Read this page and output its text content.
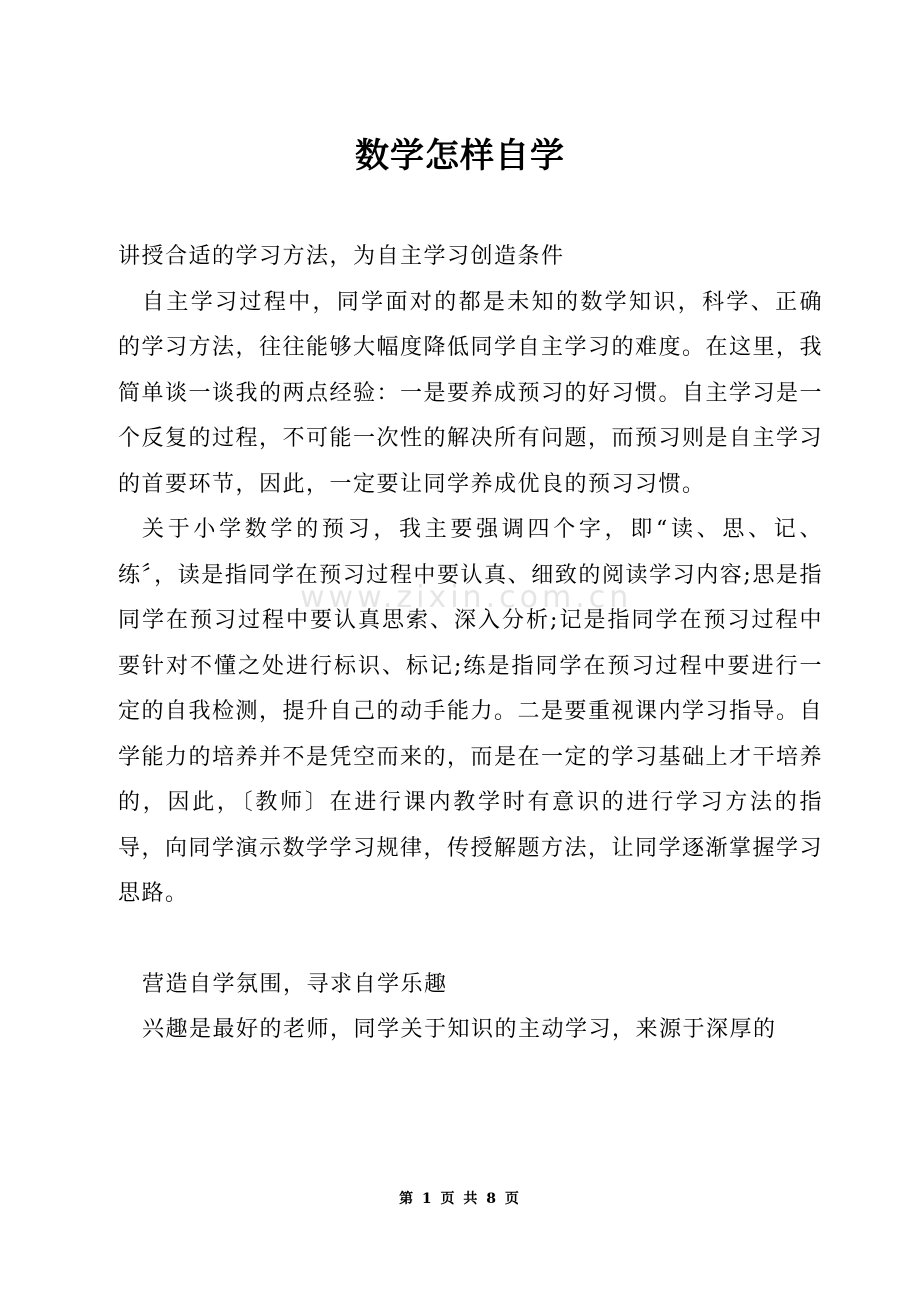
数学怎样自学
www.zixin.com.cn

讲授合适的学习方法，为自主学习创造条件

自主学习过程中，同学面对的都是未知的数学知识，科学、正确的学习方法，往往能够大幅度降低同学自主学习的难度。在这里，我简单谈一谈我的两点经验：一是要养成预习的好习惯。自主学习是一个反复的过程，不可能一次性的解决所有问题，而预习则是自主学习的首要环节，因此，一定要让同学养成优良的预习习惯。

关于小学数学的预习，我主要强调四个字，即“读、思、记、练〞，读是指同学在预习过程中要认真、细致的阅读学习内容;思是指同学在预习过程中要认真思索、深入分析;记是指同学在预习过程中要针对不懂之处进行标识、标记;练是指同学在预习过程中要进行一定的自我检测，提升自己的动手能力。二是要重视课内学习指导。自学能力的培养并不是凭空而来的，而是在一定的学习基础上才干培养的，因此，〔教师〕在进行课内教学时有意识的进行学习方法的指导，向同学演示数学学习规律，传授解题方法，让同学逐渐掌握学习思路。

营造自学氛围，寻求自学乐趣

兴趣是最好的老师，同学关于知识的主动学习，来源于深厚的

第 1 页 共 8 页
